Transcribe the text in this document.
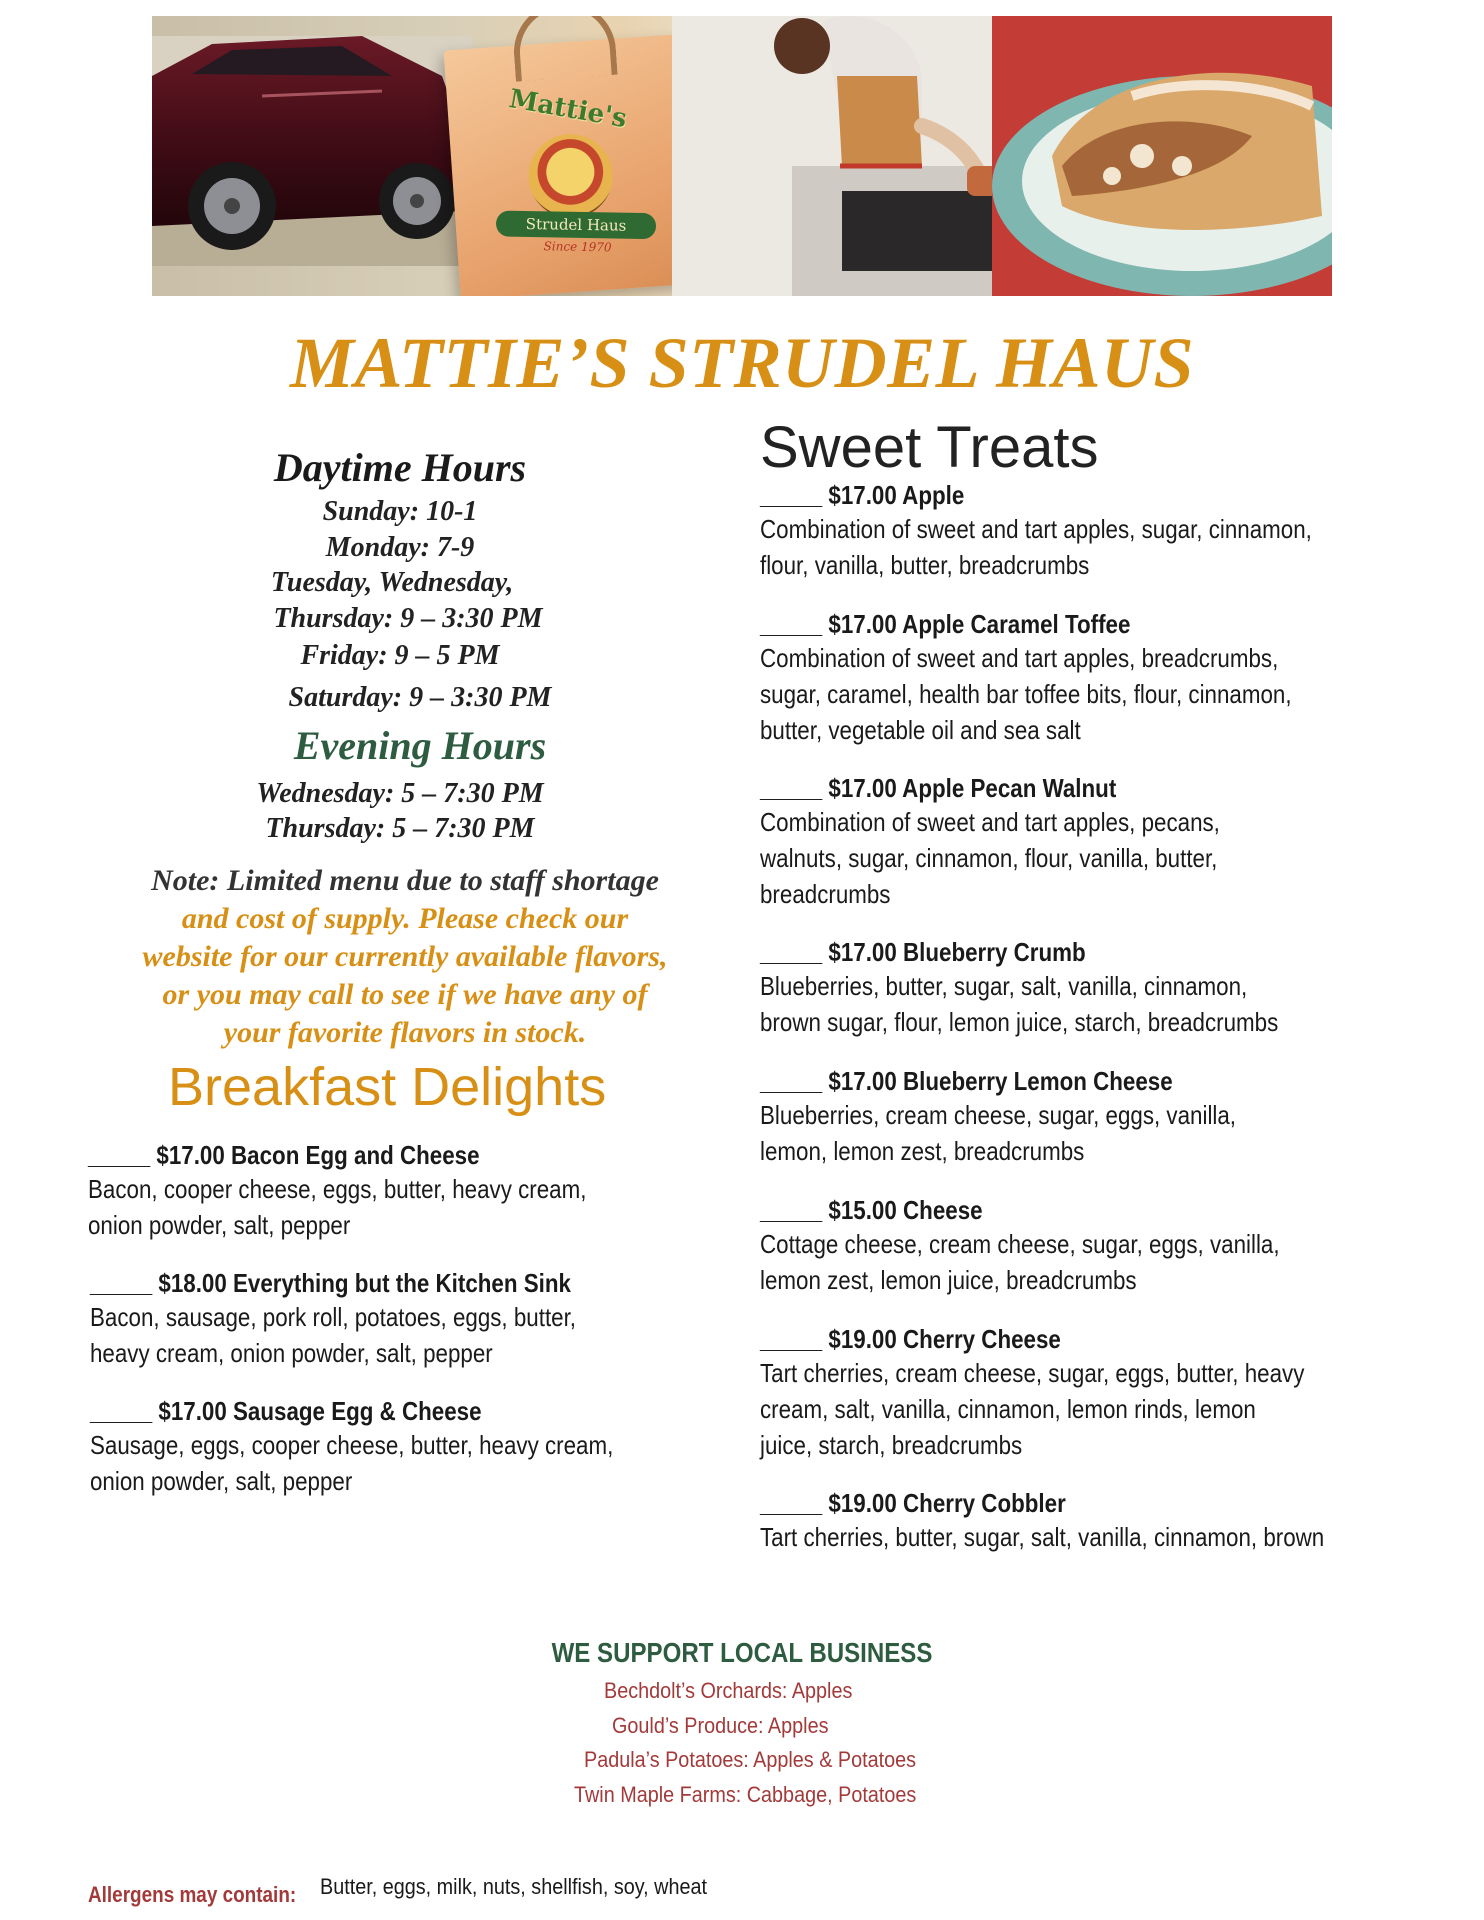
Mattie's
Strudel Haus
Since 1970
MATTIE’S STRUDEL HAUS
Daytime Hours
Sunday: 10-1
Monday: 7-9
Tuesday, Wednesday,
Thursday: 9 – 3:30 PM
Friday: 9 – 5 PM
Saturday: 9 – 3:30 PM
Evening Hours
Wednesday: 5 – 7:30 PM
Thursday: 5 – 7:30 PM
Note: Limited menu due to staff shortage
and cost of supply. Please check our
website for our currently available flavors,
or you may call to see if we have any of
your favorite flavors in stock.
Breakfast Delights
_____ $17.00 Bacon Egg and Cheese
Bacon, cooper cheese, eggs, butter, heavy cream,
onion powder, salt, pepper
_____ $18.00 Everything but the Kitchen Sink
Bacon, sausage, pork roll, potatoes, eggs, butter,
heavy cream, onion powder, salt, pepper
_____ $17.00 Sausage Egg & Cheese
Sausage, eggs, cooper cheese, butter, heavy cream,
onion powder, salt, pepper
Sweet Treats
_____ $17.00 Apple
Combination of sweet and tart apples, sugar, cinnamon,
flour, vanilla, butter, breadcrumbs
_____ $17.00 Apple Caramel Toffee
Combination of sweet and tart apples, breadcrumbs,
sugar, caramel, health bar toffee bits, flour, cinnamon,
butter, vegetable oil and sea salt
_____ $17.00 Apple Pecan Walnut
Combination of sweet and tart apples, pecans,
walnuts, sugar, cinnamon, flour, vanilla, butter,
breadcrumbs
_____ $17.00 Blueberry Crumb
Blueberries, butter, sugar, salt, vanilla, cinnamon,
brown sugar, flour, lemon juice, starch, breadcrumbs
_____ $17.00 Blueberry Lemon Cheese
Blueberries, cream cheese, sugar, eggs, vanilla,
lemon, lemon zest, breadcrumbs
_____ $15.00 Cheese
Cottage cheese, cream cheese, sugar, eggs, vanilla,
lemon zest, lemon juice, breadcrumbs
_____ $19.00 Cherry Cheese
Tart cherries, cream cheese, sugar, eggs, butter, heavy
cream, salt, vanilla, cinnamon, lemon rinds, lemon
juice, starch, breadcrumbs
_____ $19.00 Cherry Cobbler
Tart cherries, butter, sugar, salt, vanilla, cinnamon, brown
WE SUPPORT LOCAL BUSINESS
Bechdolt’s Orchards: Apples
Gould’s Produce: Apples
Padula’s Potatoes: Apples & Potatoes
Twin Maple Farms: Cabbage, Potatoes
Allergens may contain: Butter, eggs, milk, nuts, shellfish, soy, wheat
